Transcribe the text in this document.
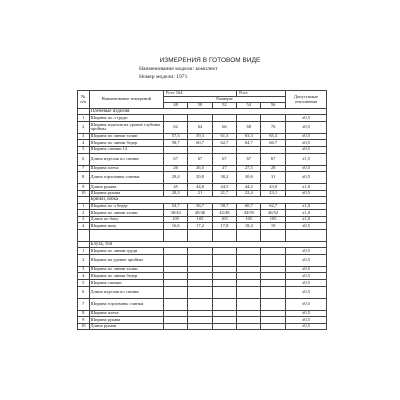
ИЗМЕРЕНИЯ В ГОТОВОМ ВИДЕ
Наименование модели: комплект
Номер модели: 1971
№ п/п	Наименование измерений	Рост 164			Рост		Допустимые отклонения
		Размеры					
		48	50	52	54	56	
	Плечевые изделия						
1	Ширина по л груди						±0,5
2	Ширина изделия на уровне глубины проймы	62	64	66	68	70	±0,5
3	Ширина по линии талии	57,3	59,3	61,3	63,3	65,3	±0,5
4	Ширина по линии бедер	58,7	60,7	62,7	64,7	66,7	±0,5
5	Ширина спинки 14						±0,5
6	Длина изделия по спинке	67	67	67	67	67	±1,5
7	Ширина плеча	26	26,5	27	27,5	28	±0,5
8	Длина горловины спинки	29,4	29,8	30,2	30,6	31	±0,5
9	Длина рукава	45	44,8	44,5	44,2	43,9	±1,0
10	Ширина рукава	20,3	21	21,7	22,4	23,1	±0,5
	Брюки, юбка						
1	Ширина по л бедер	54,7	56,7	58,7	60,7	62,7	±1,0
2	Ширина по линии талии	38/44	40/46	42/48	44/50	46/52	±1,0
3	Длина по боку	105	105	105	105	105	±1,0
4	Ширина низу	16,6	17,2	17,8	18,4	19	±0,5

	Блуза, топ						
1	Ширина по линии груди						±0,5
2	Ширина на уровне проймы						±0,5
3	Ширина по линии талии						±0,5
4	Ширина по линии бедер						±0,5
5	Ширина спинки						±0,5
6	Длина изделия по спинке						±0,5
7	Ширина горловины спинки						±0,5
8	Ширина плеча						±0,5
9	Ширина рукава						±0,5
10	Длина рукава						±0,5
